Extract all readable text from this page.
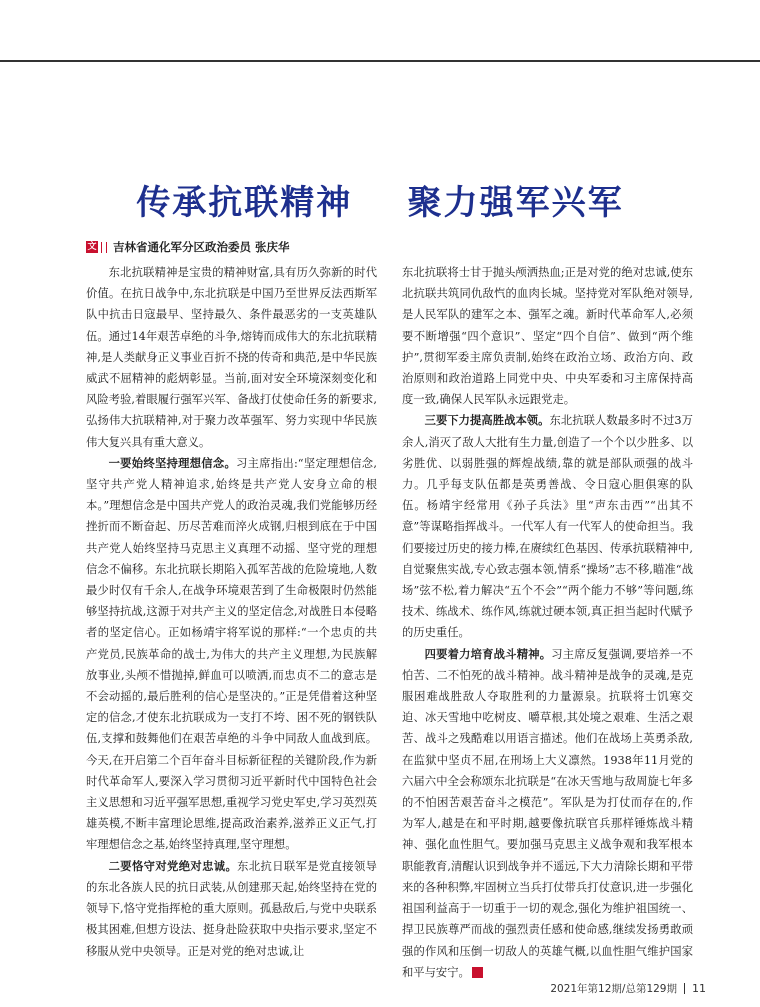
传承抗联精神    聚力强军兴军
文 吉林省通化军分区政治委员 张庆华

东北抗联精神是宝贵的精神财富,具有历久弥新的时代价值。在抗日战争中,东北抗联是中国乃至世界反法西斯军队中抗击日寇最早、坚持最久、条件最恶劣的一支英雄队伍。通过14年艰苦卓绝的斗争,熔铸而成伟大的东北抗联精神,是人类献身正义事业百折不挠的传奇和典范,是中华民族威武不屈精神的彪炳彰显。当前,面对安全环境深刻变化和风险考验,着眼履行强军兴军、备战打仗使命任务的新要求,弘扬伟大抗联精神,对于聚力改革强军、努力实现中华民族伟大复兴具有重大意义。

一要始终坚持理想信念。习主席指出:“坚定理想信念,坚守共产党人精神追求,始终是共产党人安身立命的根本。”理想信念是中国共产党人的政治灵魂,我们党能够历经挫折而不断奋起、历尽苦难而淬火成钢,归根到底在于中国共产党人始终坚持马克思主义真理不动摇、坚守党的理想信念不偏移。东北抗联长期陷入孤军苦战的危险境地,人数最少时仅有千余人,在战争环境艰苦到了生命极限时仍然能够坚持抗战,这源于对共产主义的坚定信念,对战胜日本侵略者的坚定信心。正如杨靖宇将军说的那样:“一个忠贞的共产党员,民族革命的战士,为伟大的共产主义理想,为民族解放事业,头颅不惜抛掉,鲜血可以喷洒,而忠贞不二的意志是不会动摇的,最后胜利的信心是坚决的。”正是凭借着这种坚定的信念,才使东北抗联成为一支打不垮、困不死的钢铁队伍,支撑和鼓舞他们在艰苦卓绝的斗争中同敌人血战到底。今天,在开启第二个百年奋斗目标新征程的关键阶段,作为新时代革命军人,要深入学习贯彻习近平新时代中国特色社会主义思想和习近平强军思想,重视学习党史军史,学习英烈英雄英模,不断丰富理论思维,提高政治素养,滋养正义正气,打牢理想信念之基,始终坚持真理,坚守理想。

二要恪守对党绝对忠诚。东北抗日联军是党直接领导的东北各族人民的抗日武装,从创建那天起,始终坚持在党的领导下,恪守党指挥枪的重大原则。孤悬敌后,与党中央联系极其困难,但想方设法、挺身赴险获取中央指示要求,坚定不移服从党中央领导。正是对党的绝对忠诚,让

东北抗联将士甘于抛头颅洒热血;正是对党的绝对忠诚,使东北抗联共筑同仇敌忾的血肉长城。坚持党对军队绝对领导,是人民军队的建军之本、强军之魂。新时代革命军人,必须要不断增强“四个意识”、坚定“四个自信”、做到“两个维护”,贯彻军委主席负责制,始终在政治立场、政治方向、政治原则和政治道路上同党中央、中央军委和习主席保持高度一致,确保人民军队永远跟党走。

三要下力提高胜战本领。东北抗联人数最多时不过3万余人,消灭了敌人大批有生力量,创造了一个个以少胜多、以劣胜优、以弱胜强的辉煌战绩,靠的就是部队顽强的战斗力。几乎每支队伍都是英勇善战、令日寇心胆俱寒的队伍。杨靖宇经常用《孙子兵法》里“声东击西”“出其不意”等谋略指挥战斗。一代军人有一代军人的使命担当。我们要接过历史的接力棒,在赓续红色基因、传承抗联精神中,自觉聚焦实战,专心致志强本领,情系“操场”志不移,瞄准“战场”弦不松,着力解决“五个不会”“两个能力不够”等问题,练技术、练战术、练作风,练就过硬本领,真正担当起时代赋予的历史重任。

四要着力培育战斗精神。习主席反复强调,要培养一不怕苦、二不怕死的战斗精神。战斗精神是战争的灵魂,是克服困难战胜敌人夺取胜利的力量源泉。抗联将士饥寒交迫、冰天雪地中吃树皮、嚼草根,其处境之艰难、生活之艰苦、战斗之残酷难以用语言描述。他们在战场上英勇杀敌,在监狱中坚贞不屈,在刑场上大义凛然。1938年11月党的六届六中全会称颂东北抗联是“在冰天雪地与敌周旋七年多的不怕困苦艰苦奋斗之模范”。军队是为打仗而存在的,作为军人,越是在和平时期,越要像抗联官兵那样锤炼战斗精神、强化血性胆气。要加强马克思主义战争观和我军根本职能教育,清醒认识到战争并不遥远,下大力清除长期和平带来的各种积弊,牢固树立当兵打仗带兵打仗意识,进一步强化祖国利益高于一切重于一切的观念,强化为维护祖国统一、捍卫民族尊严而战的强烈责任感和使命感,继续发扬勇敢顽强的作风和压倒一切敌人的英雄气概,以血性胆气维护国家和平与安宁。	G

2021年第12期/总第129期 11
